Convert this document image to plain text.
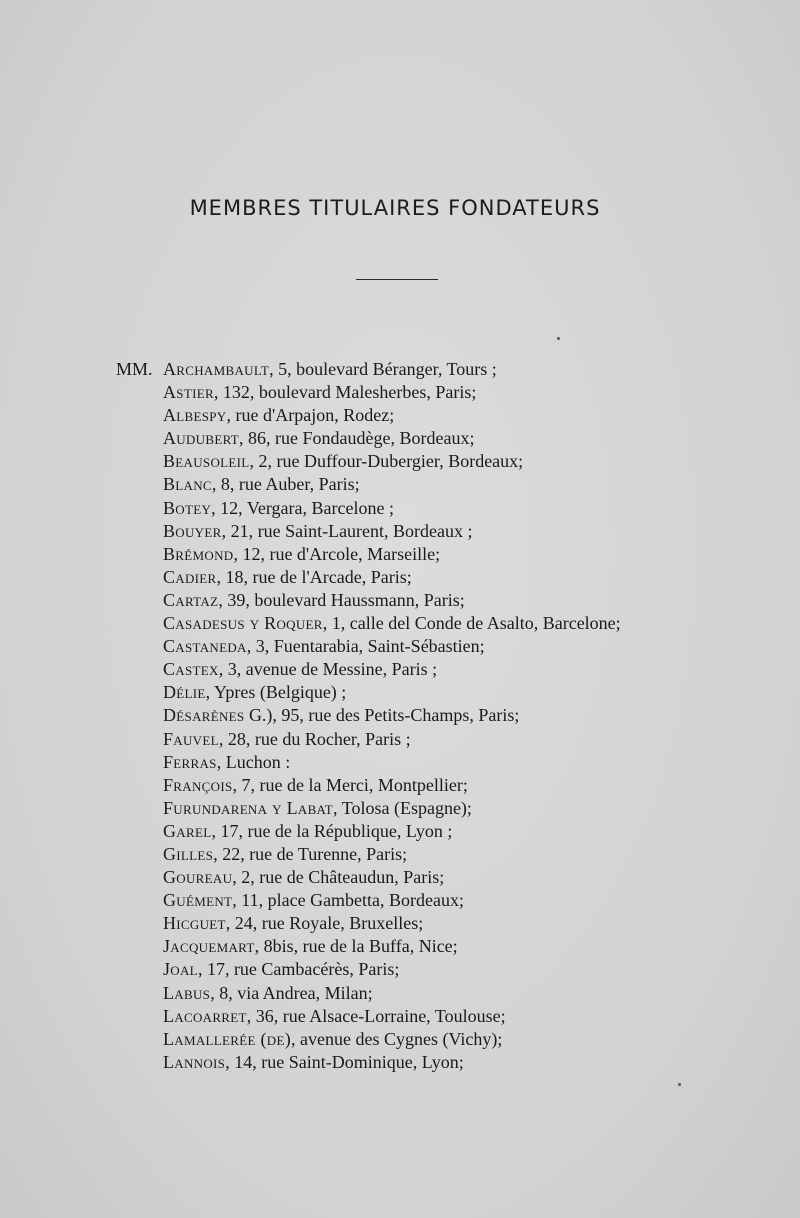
MEMBRES TITULAIRES FONDATEURS
MM. Archambault, 5, boulevard Béranger, Tours ;
Astier, 132, boulevard Malesherbes, Paris;
Albespy, rue d'Arpajon, Rodez;
Audubert, 86, rue Fondaudège, Bordeaux;
Beausoleil, 2, rue Duffour-Dubergier, Bordeaux;
Blanc, 8, rue Auber, Paris;
Botey, 12, Vergara, Barcelone ;
Bouyer, 21, rue Saint-Laurent, Bordeaux ;
Brémond, 12, rue d'Arcole, Marseille;
Cadier, 18, rue de l'Arcade, Paris;
Cartaz, 39, boulevard Haussmann, Paris;
Casadesus y Roquer, 1, calle del Conde de Asalto, Barcelone;
Castaneda, 3, Fuentarabia, Saint-Sébastien;
Castex, 3, avenue de Messine, Paris ;
Délie, Ypres (Belgique) ;
Désarènes G.), 95, rue des Petits-Champs, Paris;
Fauvel, 28, rue du Rocher, Paris ;
Ferras, Luchon :
François, 7, rue de la Merci, Montpellier;
Furundarena y Labat, Tolosa (Espagne);
Garel, 17, rue de la République, Lyon ;
Gilles, 22, rue de Turenne, Paris;
Goureau, 2, rue de Châteaudun, Paris;
Guément, 11, place Gambetta, Bordeaux;
Hicguet, 24, rue Royale, Bruxelles;
Jacquemart, 8bis, rue de la Buffa, Nice;
Joal, 17, rue Cambacérès, Paris;
Labus, 8, via Andrea, Milan;
Lacoarret, 36, rue Alsace-Lorraine, Toulouse;
Lamallerée (de), avenue des Cygnes (Vichy);
Lannois, 14, rue Saint-Dominique, Lyon;
